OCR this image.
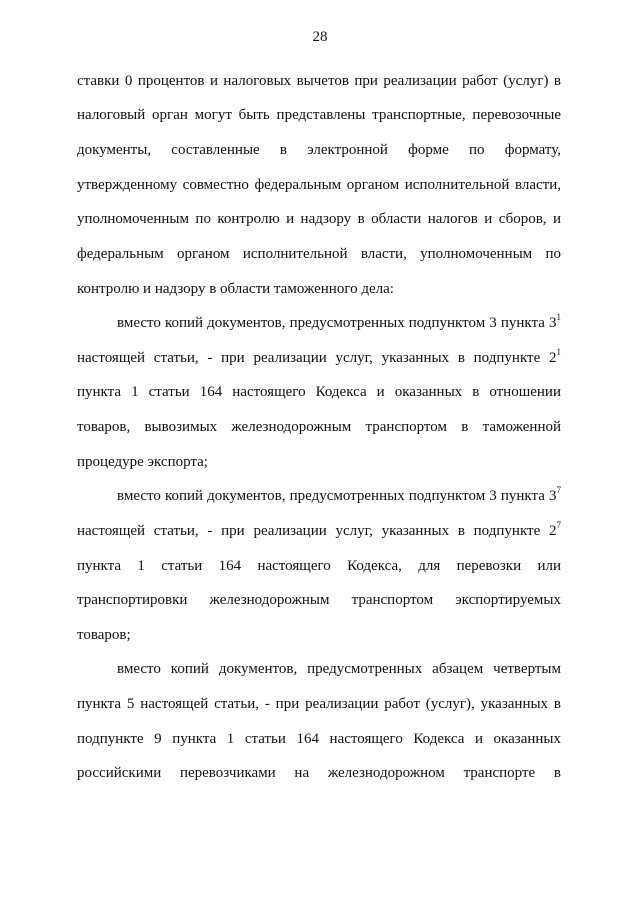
28
ставки 0 процентов и налоговых вычетов при реализации работ (услуг) в
налоговый орган могут быть представлены транспортные, перевозочные
документы, составленные в электронной форме по формату,
утвержденному совместно федеральным органом исполнительной власти,
уполномоченным по контролю и надзору в области налогов и сборов, и
федеральным органом исполнительной власти, уполномоченным по
контролю и надзору в области таможенного дела:
вместо копий документов, предусмотренных подпунктом 3 пункта $3^1$
настоящей статьи, - при реализации услуг, указанных в подпункте $2^1$
пункта 1 статьи 164 настоящего Кодекса и оказанных в отношении
товаров, вывозимых железнодорожным транспортом в таможенной
процедуре экспорта;
вместо копий документов, предусмотренных подпунктом 3 пункта $3^7$
настоящей статьи, - при реализации услуг, указанных в подпункте $2^7$
пункта 1 статьи 164 настоящего Кодекса, для перевозки или
транспортировки железнодорожным транспортом экспортируемых
товаров;
вместо копий документов, предусмотренных абзацем четвертым
пункта 5 настоящей статьи, - при реализации работ (услуг), указанных в
подпункте 9 пункта 1 статьи 164 настоящего Кодекса и оказанных
российскими перевозчиками на железнодорожном транспорте в
